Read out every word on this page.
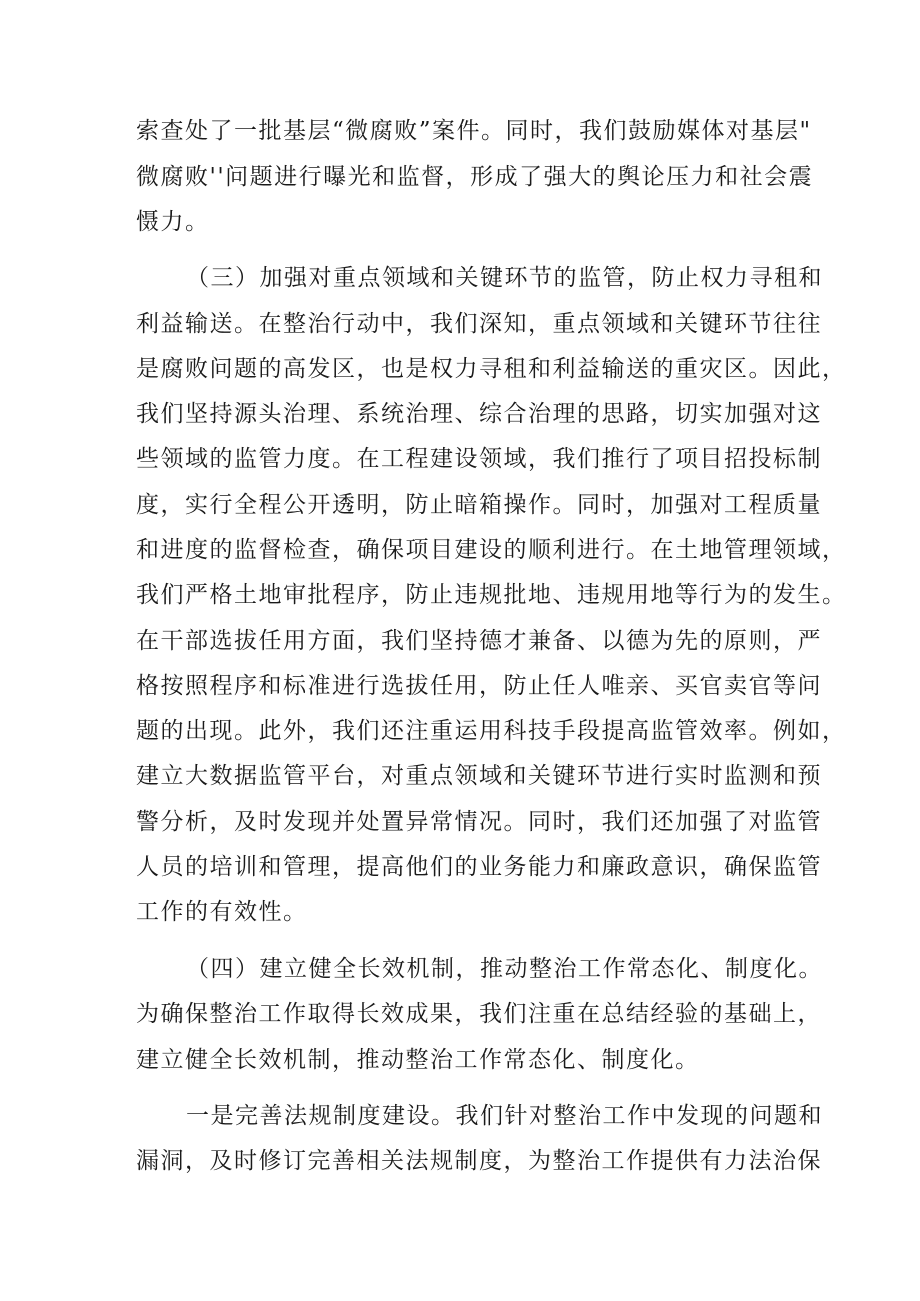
索查处了一批基层“微腐败”案件。同时，我们鼓励媒体对基层"
微腐败''问题进行曝光和监督，形成了强大的舆论压力和社会震
慑力。
（三）加强对重点领域和关键环节的监管，防止权力寻租和
利益输送。在整治行动中，我们深知，重点领域和关键环节往往
是腐败问题的高发区，也是权力寻租和利益输送的重灾区。因此，
我们坚持源头治理、系统治理、综合治理的思路，切实加强对这
些领域的监管力度。在工程建设领域，我们推行了项目招投标制
度，实行全程公开透明，防止暗箱操作。同时，加强对工程质量
和进度的监督检查，确保项目建设的顺利进行。在土地管理领域，
我们严格土地审批程序，防止违规批地、违规用地等行为的发生。
在干部选拔任用方面，我们坚持德才兼备、以德为先的原则，严
格按照程序和标准进行选拔任用，防止任人唯亲、买官卖官等问
题的出现。此外，我们还注重运用科技手段提高监管效率。例如，
建立大数据监管平台，对重点领域和关键环节进行实时监测和预
警分析，及时发现并处置异常情况。同时，我们还加强了对监管
人员的培训和管理，提高他们的业务能力和廉政意识，确保监管
工作的有效性。
（四）建立健全长效机制，推动整治工作常态化、制度化。
为确保整治工作取得长效成果，我们注重在总结经验的基础上，
建立健全长效机制，推动整治工作常态化、制度化。
一是完善法规制度建设。我们针对整治工作中发现的问题和
漏洞，及时修订完善相关法规制度，为整治工作提供有力法治保
